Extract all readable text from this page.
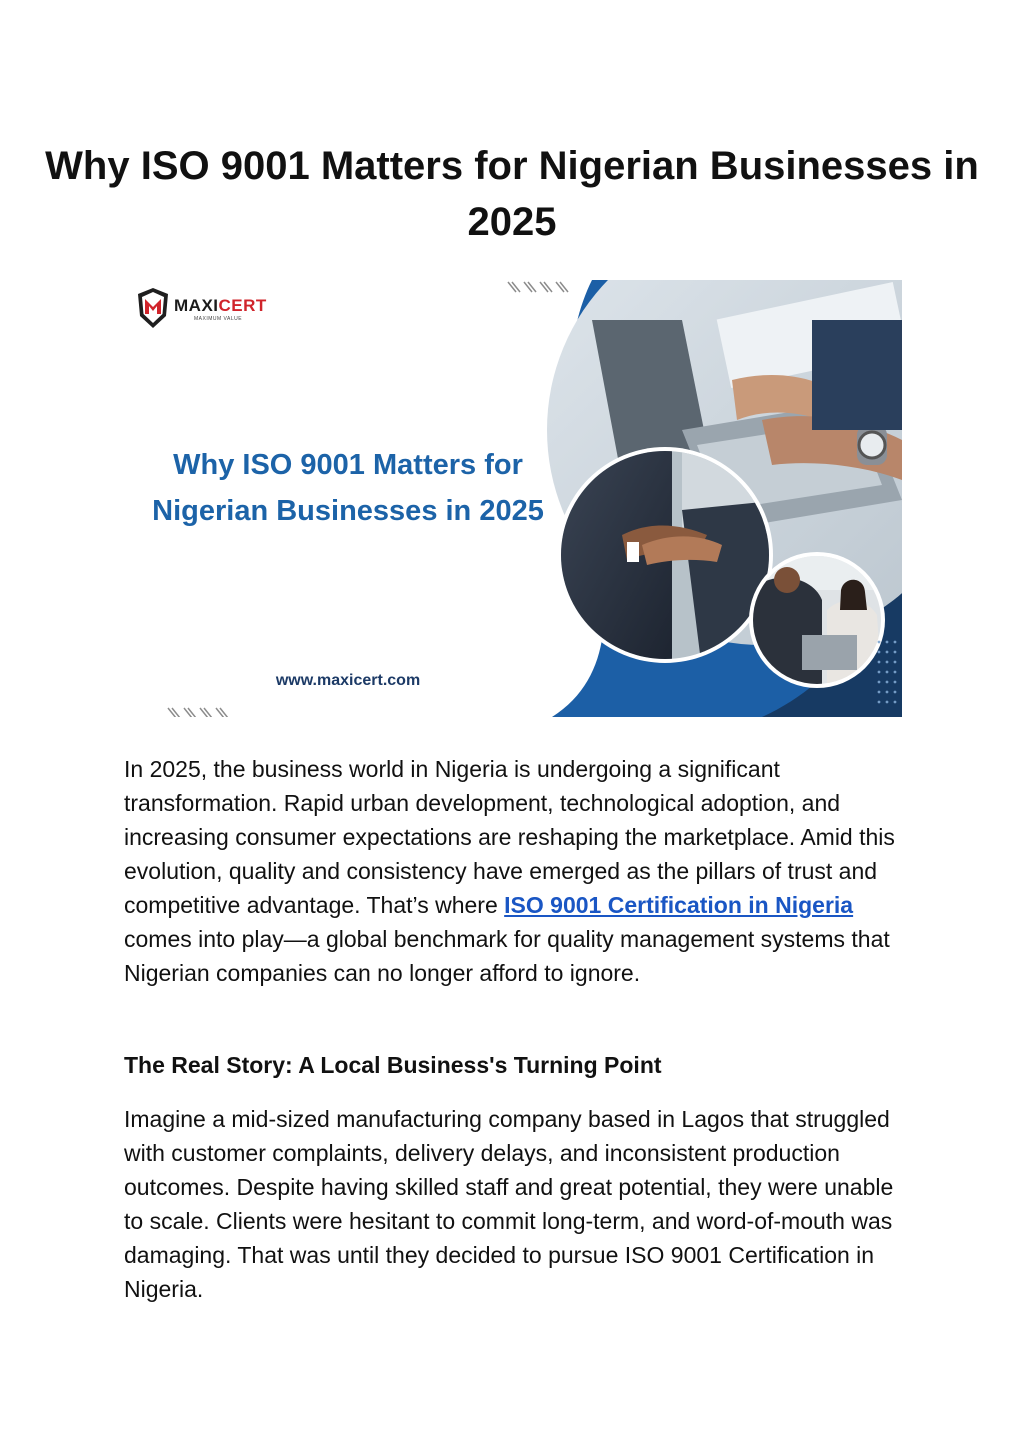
Why ISO 9001 Matters for Nigerian Businesses in 2025
MAXICERT
MAXIMUM VALUE
Why ISO 9001 Matters for
Nigerian Businesses in 2025
www.maxicert.com

In 2025, the business world in Nigeria is undergoing a significant transformation. Rapid urban development, technological adoption, and increasing consumer expectations are reshaping the marketplace. Amid this evolution, quality and consistency have emerged as the pillars of trust and competitive advantage. That’s where ISO 9001 Certification in Nigeria comes into play—a global benchmark for quality management systems that Nigerian companies can no longer afford to ignore.

The Real Story: A Local Business's Turning Point

Imagine a mid-sized manufacturing company based in Lagos that struggled with customer complaints, delivery delays, and inconsistent production outcomes. Despite having skilled staff and great potential, they were unable to scale. Clients were hesitant to commit long-term, and word-of-mouth was damaging. That was until they decided to pursue ISO 9001 Certification in Nigeria.
